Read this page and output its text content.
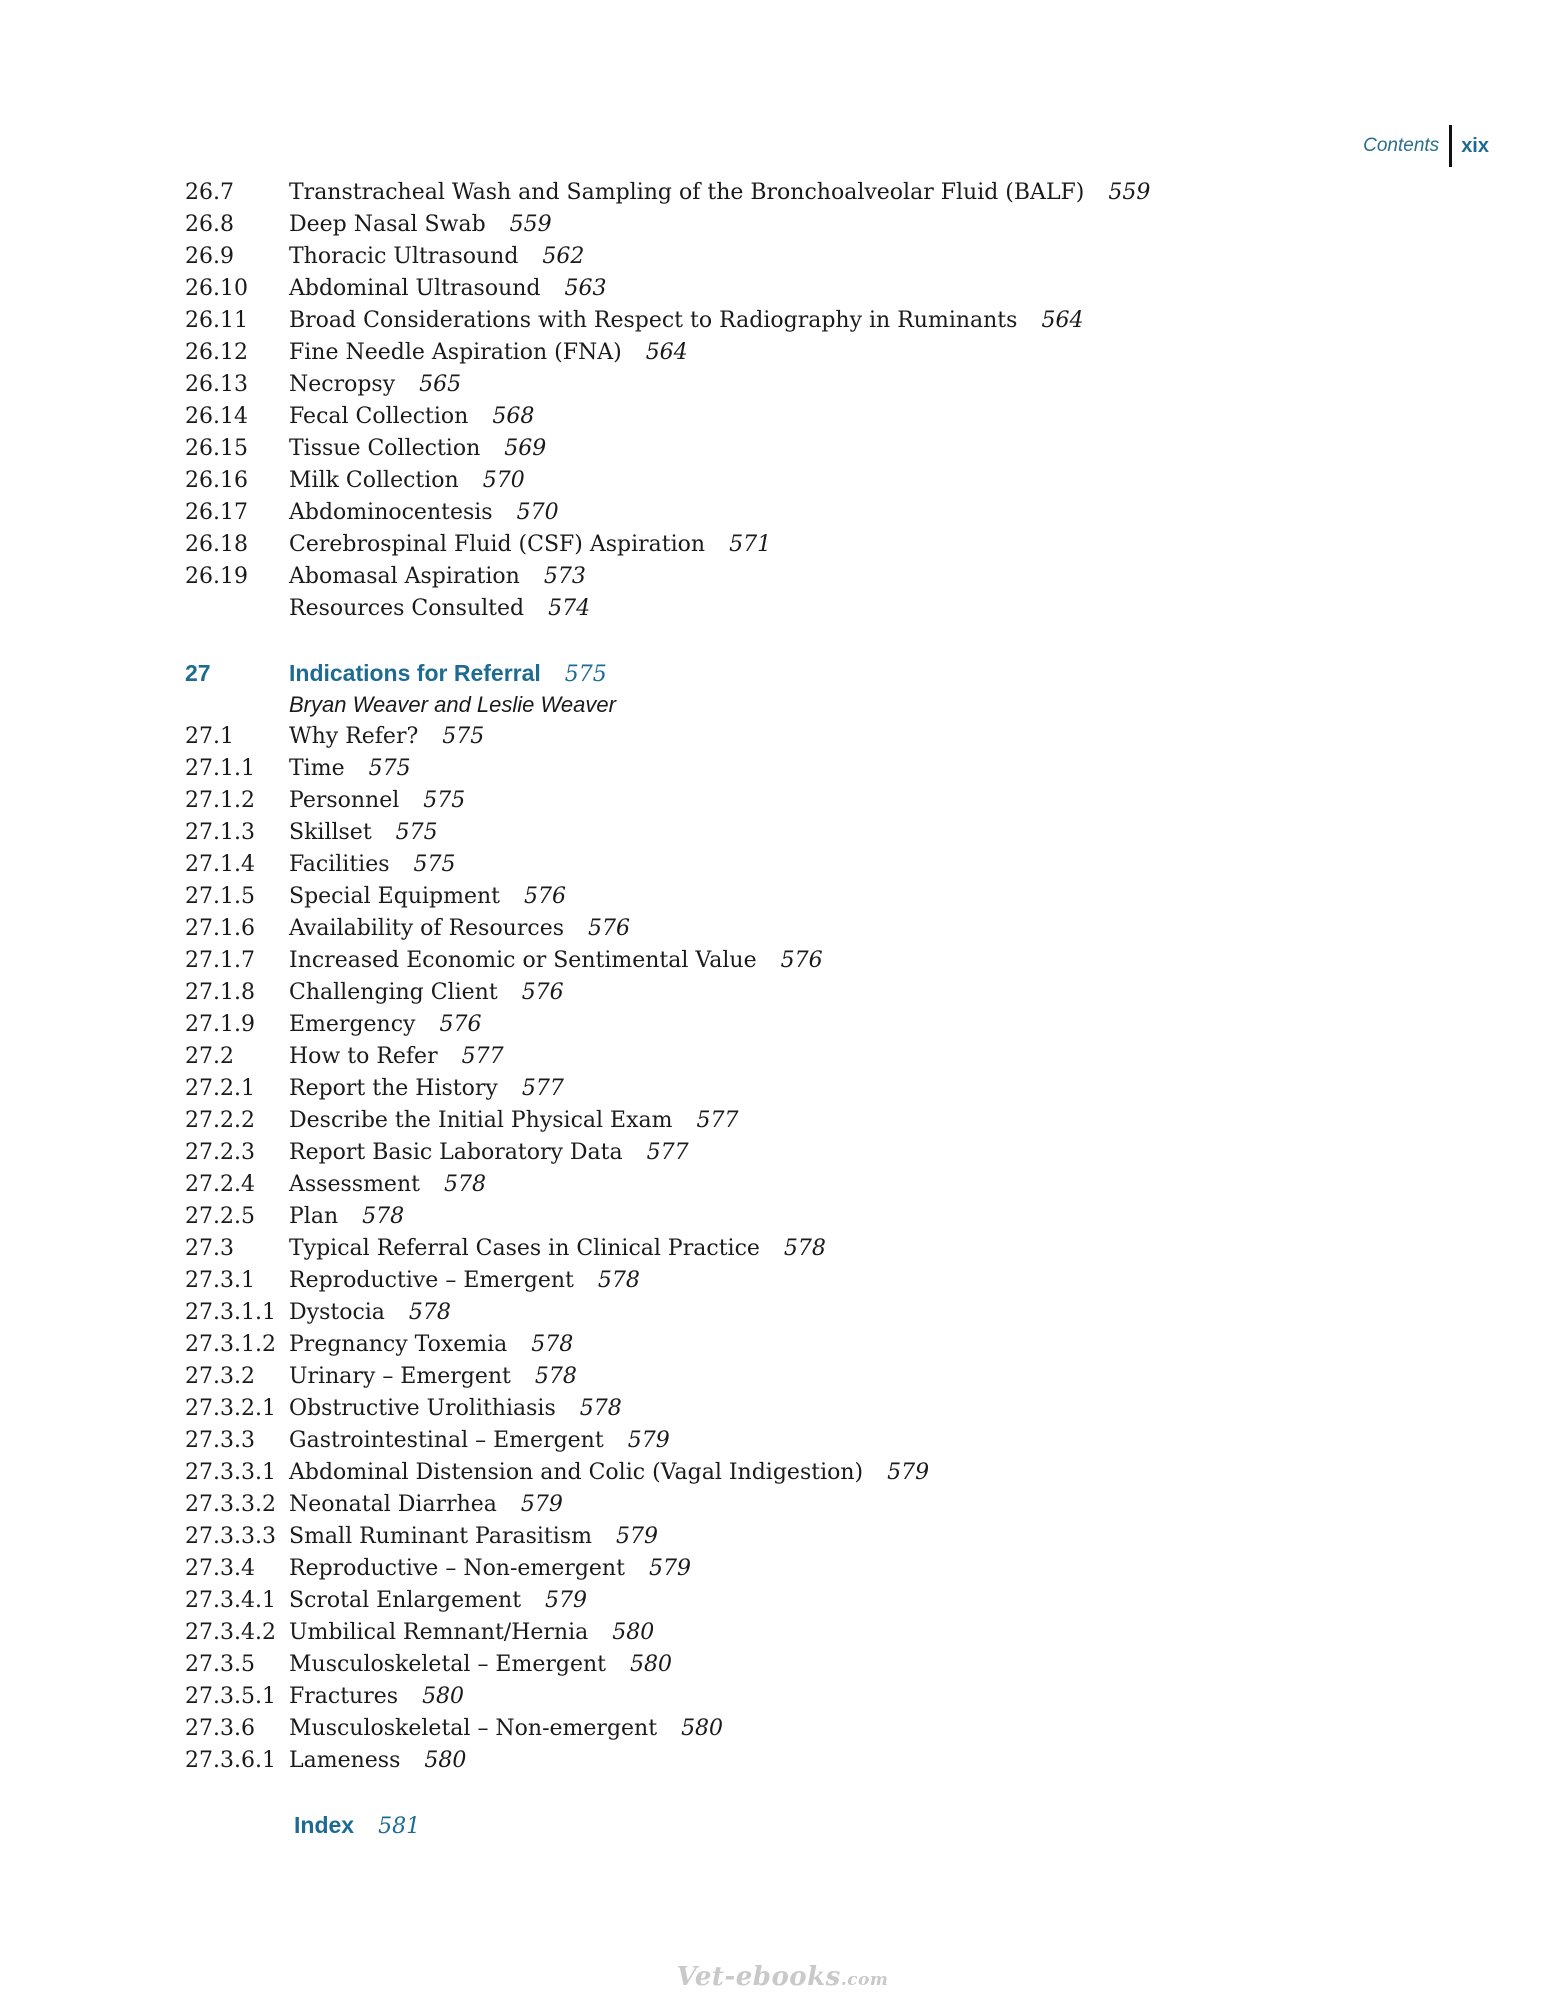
Contents	xix
26.7	Transtracheal Wash and Sampling of the Bronchoalveolar Fluid (BALF) 559
26.8	Deep Nasal Swab 559
26.9	Thoracic Ultrasound 562
26.10	Abdominal Ultrasound 563
26.11	Broad Considerations with Respect to Radiography in Ruminants 564
26.12	Fine Needle Aspiration (FNA) 564
26.13	Necropsy 565
26.14	Fecal Collection 568
26.15	Tissue Collection 569
26.16	Milk Collection 570
26.17	Abdominocentesis 570
26.18	Cerebrospinal Fluid (CSF) Aspiration 571
26.19	Abomasal Aspiration 573
Resources Consulted 574
27	Indications for Referral 575
Bryan Weaver and Leslie Weaver
27.1	Why Refer? 575
27.1.1	Time 575
27.1.2	Personnel 575
27.1.3	Skillset 575
27.1.4	Facilities 575
27.1.5	Special Equipment 576
27.1.6	Availability of Resources 576
27.1.7	Increased Economic or Sentimental Value 576
27.1.8	Challenging Client 576
27.1.9	Emergency 576
27.2	How to Refer 577
27.2.1	Report the History 577
27.2.2	Describe the Initial Physical Exam 577
27.2.3	Report Basic Laboratory Data 577
27.2.4	Assessment 578
27.2.5	Plan 578
27.3	Typical Referral Cases in Clinical Practice 578
27.3.1	Reproductive – Emergent 578
27.3.1.1 Dystocia 578
27.3.1.2 Pregnancy Toxemia 578
27.3.2	Urinary – Emergent 578
27.3.2.1 Obstructive Urolithiasis 578
27.3.3	Gastrointestinal – Emergent 579
27.3.3.1 Abdominal Distension and Colic (Vagal Indigestion) 579
27.3.3.2 Neonatal Diarrhea 579
27.3.3.3 Small Ruminant Parasitism 579
27.3.4	Reproductive – Non-emergent 579
27.3.4.1 Scrotal Enlargement 579
27.3.4.2 Umbilical Remnant/Hernia 580
27.3.5	Musculoskeletal – Emergent 580
27.3.5.1 Fractures 580
27.3.6	Musculoskeletal – Non-emergent 580
27.3.6.1 Lameness 580
Index 581
Vet-ebooks.com
